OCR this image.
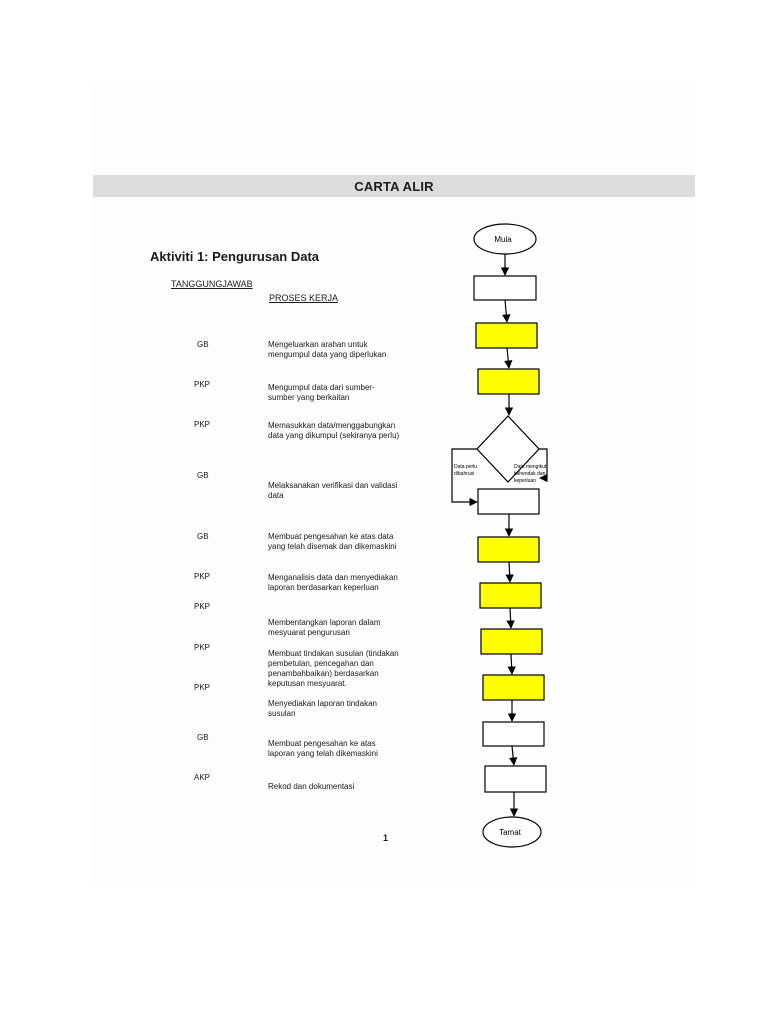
CARTA ALIR
Aktiviti 1: Pengurusan Data
TANGGUNGJAWAB
PROSES KERJA
GB
PKP
PKP
GB
GB
PKP
PKP
PKP
PKP
GB
AKP
Mengeluarkan arahan untuk mengumpul data yang diperlukan
Mengumpul data dari sumber-sumber yang berkaitan
Memasukkan data/menggabungkan data yang dikumpul (sekiranya perlu)
Melaksanakan verifikasi dan validasi data
Membuat pengesahan ke atas data yang telah disemak dan dikemaskini
Menganalisis data dan menyediakan laporan berdasarkan keperluan
Membentangkan laporan dalam mesyuarat pengurusan
Membuat tindakan susulan (tindakan pembetulan, pencegahan dan penambahbaikan) berdasarkan keputusan mesyuarat.
Menyediakan laporan tindakan susulan
Membuat pengesahan ke atas laporan yang telah dikemaskini
Rekod dan dokumentasi
1
Mula
Data perlu dibahrusi
Data mengikut kehendak dan keperluan
Tamat
